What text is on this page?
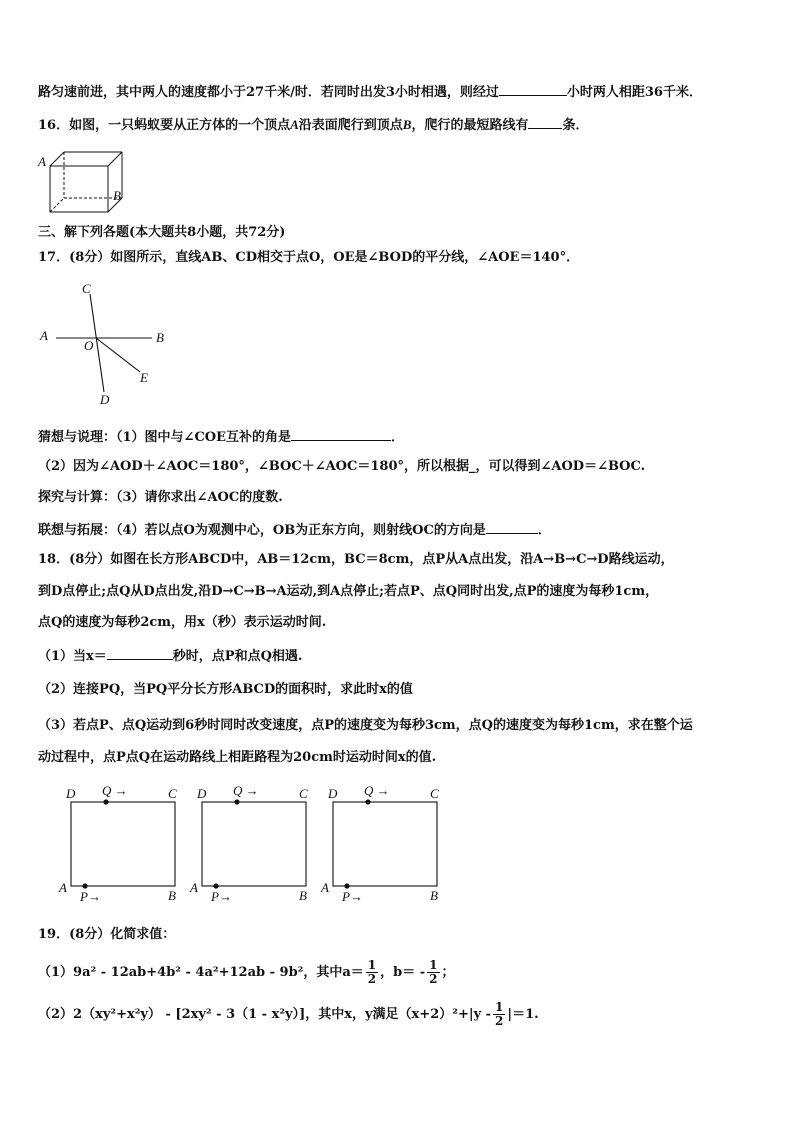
路匀速前进，其中两人的速度都小于27千米/时．若同时出发3小时相遇，则经过	小时两人相距36千米．
16．如图，一只蚂蚁要从正方体的一个顶点A沿表面爬行到顶点B，爬行的最短路线有	条．
A
B
三、解下列各题(本大题共8小题，共72分)
17．(8分）如图所示，直线AB、CD相交于点O，OE是∠BOD的平分线，∠AOE＝140°．
A	B
C
D
E
O
猜想与说理：（1）图中与∠COE互补的角是	．
（2）因为∠AOD＋∠AOC＝180°，∠BOC＋∠AOC＝180°，所以根据_，可以得到∠AOD＝∠BOC.
探究与计算：（3）请你求出∠AOC的度数.
联想与拓展：（4）若以点O为观测中心，OB为正东方向，则射线OC的方向是	．
18．(8分）如图在长方形ABCD中，AB＝12cm，BC＝8cm，点P从A点出发，沿A→B→C→D路线运动，
到D点停止;点Q从D点出发,沿D→C→B→A运动,到A点停止;若点P、点Q同时出发,点P的速度为每秒1cm，
点Q的速度为每秒2cm，用x（秒）表示运动时间.
（1）当x＝	秒时，点P和点Q相遇.
（2）连接PQ，当PQ平分长方形ABCD的面积时，求此时x的值
（3）若点P、点Q运动到6秒时同时改变速度，点P的速度变为每秒3cm，点Q的速度变为每秒1cm，求在整个运
动过程中，点P点Q在运动路线上相距路程为20cm时运动时间x的值.
D	C
A
B
Q →
P→
D	C
A
B
Q →
P→
D	C
A
B
Q →
P→
19．(8分）化简求值：
（1）9a² - 12ab+4b² - 4a²+12ab - 9b²，其中$a= \frac{1}{2}$ ，$b= - \frac{1}{2}$ ；
（2）2（xy²+x²y） - [2xy² - 3（1 - x²y）]，其中x，y满足$(x+2)^2+|y - \frac{1}{2} |=1$.
